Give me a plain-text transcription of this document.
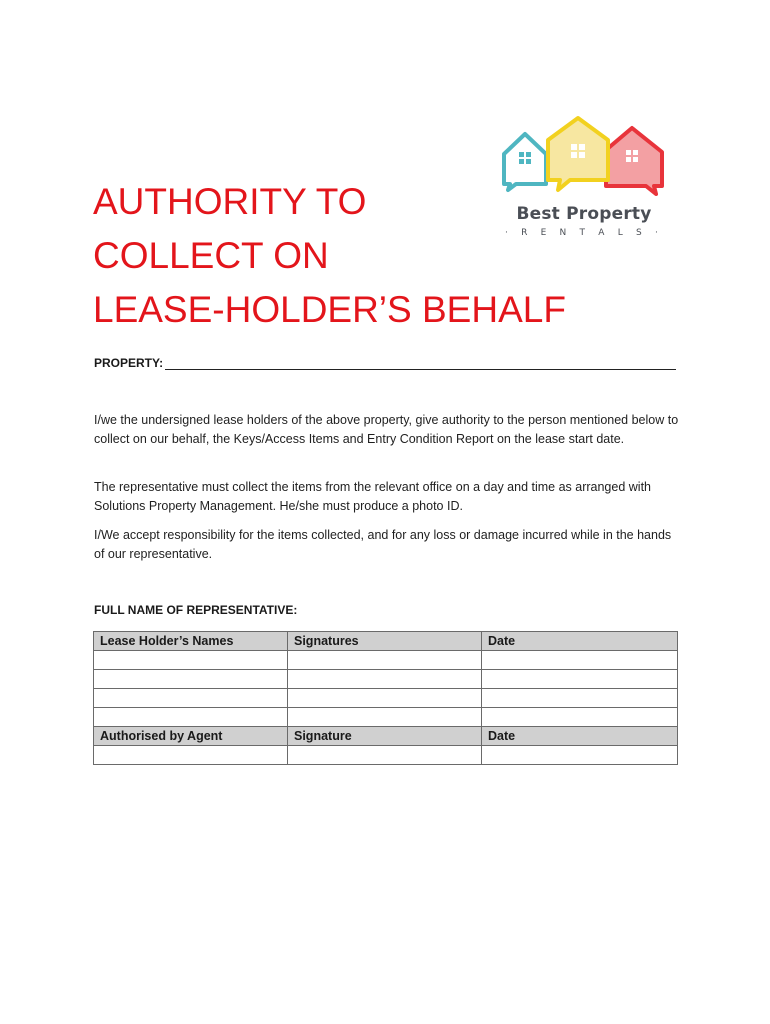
Best Property
· R E N T A L S ·
AUTHORITY TO
COLLECT ON
LEASE-HOLDER’S BEHALF
PROPERTY:

I/we the undersigned lease holders of the above property, give authority to the person mentioned below to collect on our behalf, the Keys/Access Items and Entry Condition Report on the lease start date.

The representative must collect the items from the relevant office on a day and time as arranged with Solutions Property Management. He/she must produce a photo ID.

I/We accept responsibility for the items collected, and for any loss or damage incurred while in the hands of our representative.

FULL NAME OF REPRESENTATIVE:
Lease Holder’s Names	Signatures	Date

Authorised by Agent	Signature	Date
